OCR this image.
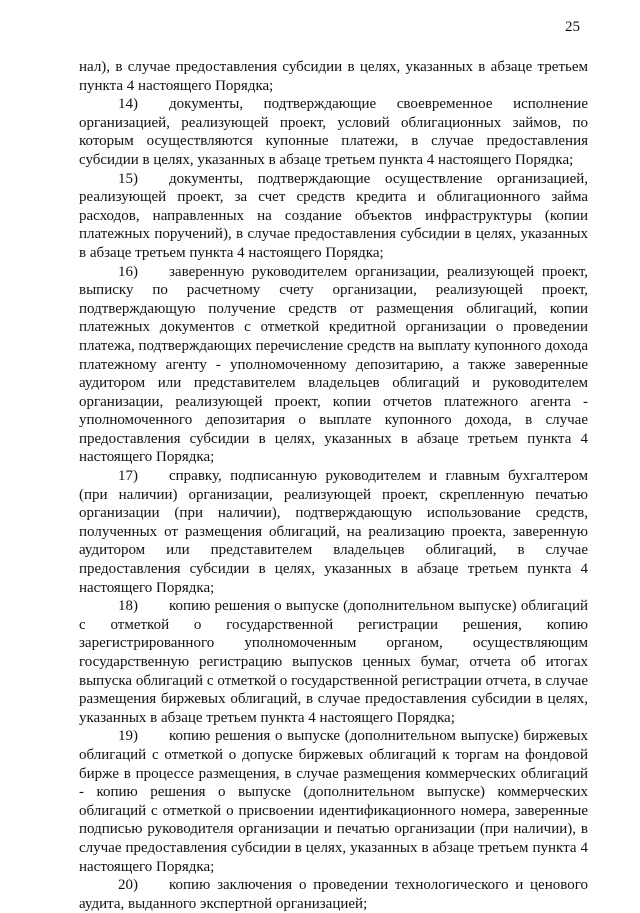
25

нал), в случае предоставления субсидии в целях, указанных в абзаце третьем пункта 4 настоящего Порядка;

14) документы, подтверждающие своевременное исполнение организацией, реализующей проект, условий облигационных займов, по которым осуществляются купонные платежи, в случае предоставления субсидии в целях, указанных в абзаце третьем пункта 4 настоящего Порядка;

15) документы, подтверждающие осуществление организацией, реализующей проект, за счет средств кредита и облигационного займа расходов, направленных на создание объектов инфраструктуры (копии платежных поручений), в случае предоставления субсидии в целях, указанных в абзаце третьем пункта 4 настоящего Порядка;

16) заверенную руководителем организации, реализующей проект, выписку по расчетному счету организации, реализующей проект, подтверждающую получение средств от размещения облигаций, копии платежных документов с отметкой кредитной организации о проведении платежа, подтверждающих перечисление средств на выплату купонного дохода платежному агенту - уполномоченному депозитарию, а также заверенные аудитором или представителем владельцев облигаций и руководителем организации, реализующей проект, копии отчетов платежного агента - уполномоченного депозитария о выплате купонного дохода, в случае предоставления субсидии в целях, указанных в абзаце третьем пункта 4 настоящего Порядка;

17) справку, подписанную руководителем и главным бухгалтером (при наличии) организации, реализующей проект, скрепленную печатью организации (при наличии), подтверждающую использование средств, полученных от размещения облигаций, на реализацию проекта, заверенную аудитором или представителем владельцев облигаций, в случае предоставления субсидии в целях, указанных в абзаце третьем пункта 4 настоящего Порядка;

18) копию решения о выпуске (дополнительном выпуске) облигаций с отметкой о государственной регистрации решения, копию зарегистрированного уполномоченным органом, осуществляющим государственную регистрацию выпусков ценных бумаг, отчета об итогах выпуска облигаций с отметкой о государственной регистрации отчета, в случае размещения биржевых облигаций, в случае предоставления субсидии в целях, указанных в абзаце третьем пункта 4 настоящего Порядка;

19) копию решения о выпуске (дополнительном выпуске) биржевых облигаций с отметкой о допуске биржевых облигаций к торгам на фондовой бирже в процессе размещения, в случае размещения коммерческих облигаций - копию решения о выпуске (дополнительном выпуске) коммерческих облигаций с отметкой о присвоении идентификационного номера, заверенные подписью руководителя организации и печатью организации (при наличии), в случае предоставления субсидии в целях, указанных в абзаце третьем пункта 4 настоящего Порядка;

20) копию заключения о проведении технологического и ценового аудита, выданного экспертной организацией;
